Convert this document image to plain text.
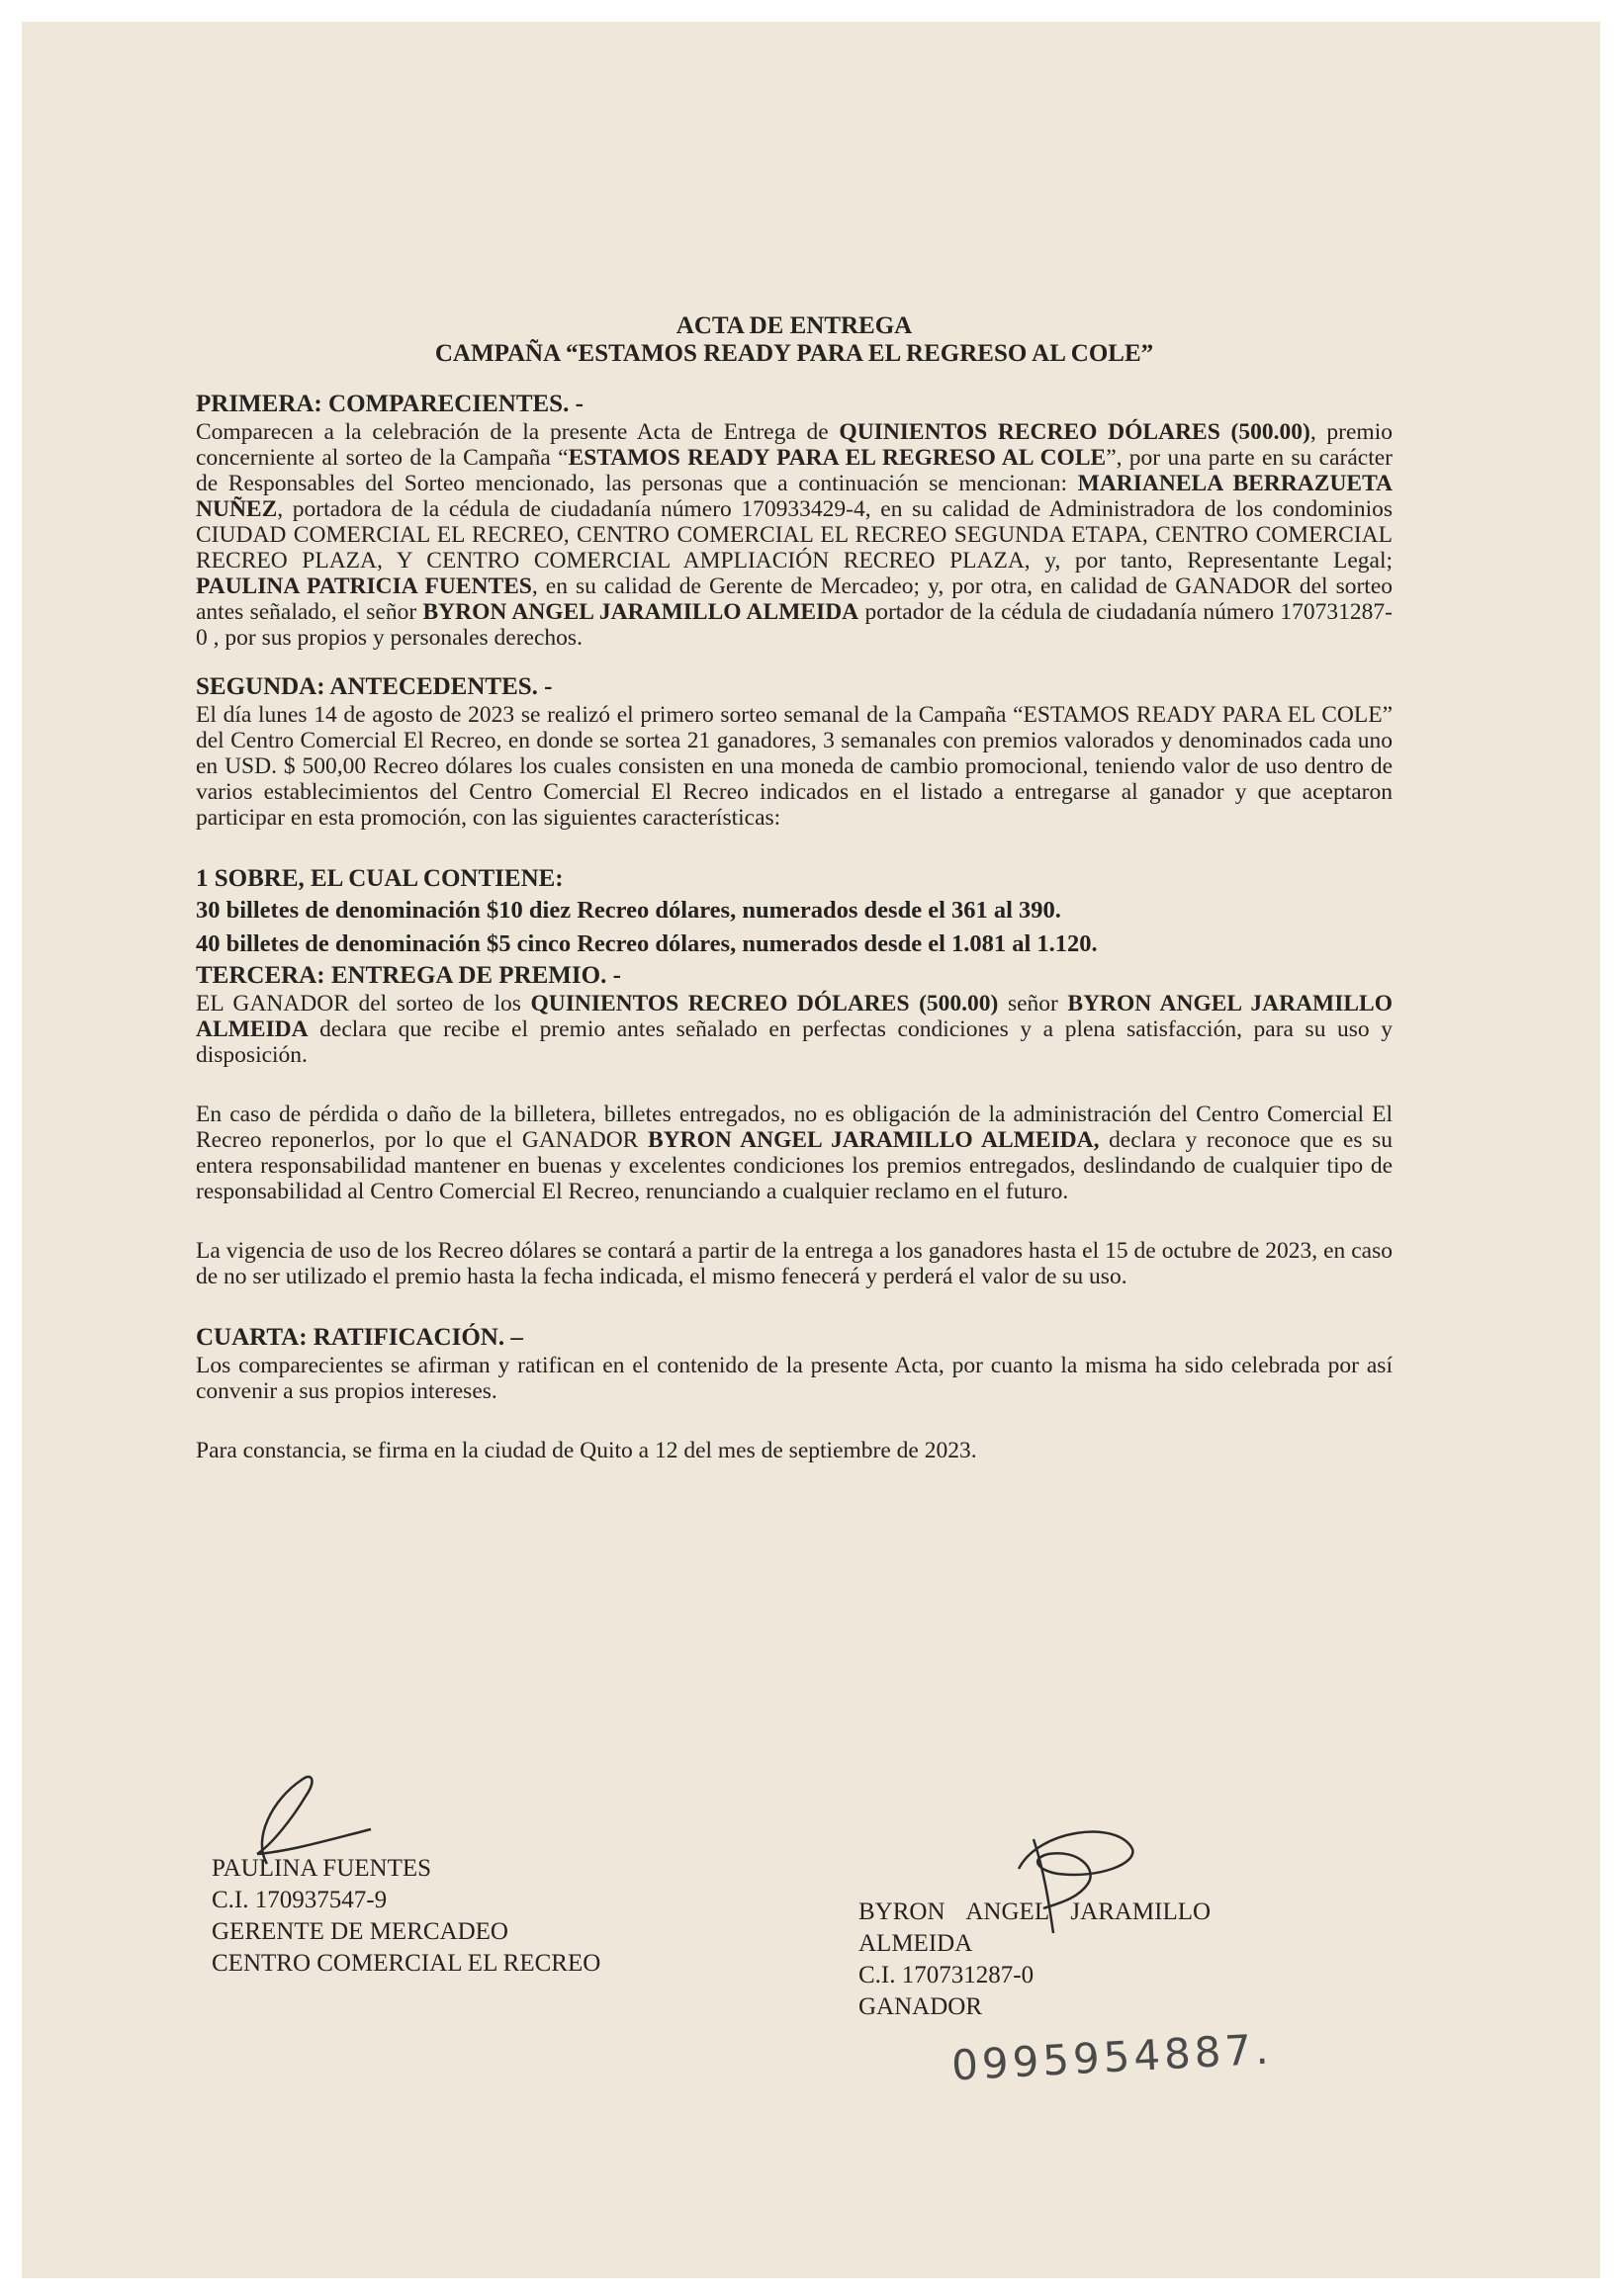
ACTA DE ENTREGA
CAMPAÑA “ESTAMOS READY PARA EL REGRESO AL COLE”
PRIMERA: COMPARECIENTES. -

Comparecen a la celebración de la presente Acta de Entrega de QUINIENTOS RECREO DÓLARES (500.00), premio concerniente al sorteo de la Campaña “ESTAMOS READY PARA EL REGRESO AL COLE”, por una parte en su carácter de Responsables del Sorteo mencionado, las personas que a continuación se mencionan: MARIANELA BERRAZUETA NUÑEZ, portadora de la cédula de ciudadanía número 170933429-4, en su calidad de Administradora de los condominios CIUDAD COMERCIAL EL RECREO, CENTRO COMERCIAL EL RECREO SEGUNDA ETAPA, CENTRO COMERCIAL RECREO PLAZA, Y CENTRO COMERCIAL AMPLIACIÓN RECREO PLAZA, y, por tanto, Representante Legal; PAULINA PATRICIA FUENTES, en su calidad de Gerente de Mercadeo; y, por otra, en calidad de GANADOR del sorteo antes señalado, el señor BYRON ANGEL JARAMILLO ALMEIDA portador de la cédula de ciudadanía número 170731287-0 , por sus propios y personales derechos.

SEGUNDA: ANTECEDENTES. -

El día lunes 14 de agosto de 2023 se realizó el primero sorteo semanal de la Campaña “ESTAMOS READY PARA EL COLE” del Centro Comercial El Recreo, en donde se sortea 21 ganadores, 3 semanales con premios valorados y denominados cada uno en USD. $ 500,00 Recreo dólares los cuales consisten en una moneda de cambio promocional, teniendo valor de uso dentro de varios establecimientos del Centro Comercial El Recreo indicados en el listado a entregarse al ganador y que aceptaron participar en esta promoción, con las siguientes características:

1 SOBRE, EL CUAL CONTIENE:
30 billetes de denominación $10 diez Recreo dólares, numerados desde el 361 al 390.
40 billetes de denominación $5 cinco Recreo dólares, numerados desde el 1.081 al 1.120.
TERCERA: ENTREGA DE PREMIO. -

EL GANADOR del sorteo de los QUINIENTOS RECREO DÓLARES (500.00) señor BYRON ANGEL JARAMILLO ALMEIDA declara que recibe el premio antes señalado en perfectas condiciones y a plena satisfacción, para su uso y disposición.

En caso de pérdida o daño de la billetera, billetes entregados, no es obligación de la administración del Centro Comercial El Recreo reponerlos, por lo que el GANADOR BYRON ANGEL JARAMILLO ALMEIDA, declara y reconoce que es su entera responsabilidad mantener en buenas y excelentes condiciones los premios entregados, deslindando de cualquier tipo de responsabilidad al Centro Comercial El Recreo, renunciando a cualquier reclamo en el futuro.

La vigencia de uso de los Recreo dólares se contará a partir de la entrega a los ganadores hasta el 15 de octubre de 2023, en caso de no ser utilizado el premio hasta la fecha indicada, el mismo fenecerá y perderá el valor de su uso.

CUARTA: RATIFICACIÓN. –

Los comparecientes se afirman y ratifican en el contenido de la presente Acta, por cuanto la misma ha sido celebrada por así convenir a sus propios intereses.

Para constancia, se firma en la ciudad de Quito a 12 del mes de septiembre de 2023.

PAULINA FUENTES
C.I. 170937547-9
GERENTE DE MERCADEO
CENTRO COMERCIAL EL RECREO
BYRON ANGEL JARAMILLO
ALMEIDA
C.I. 170731287-0
GANADOR
0995954887.
